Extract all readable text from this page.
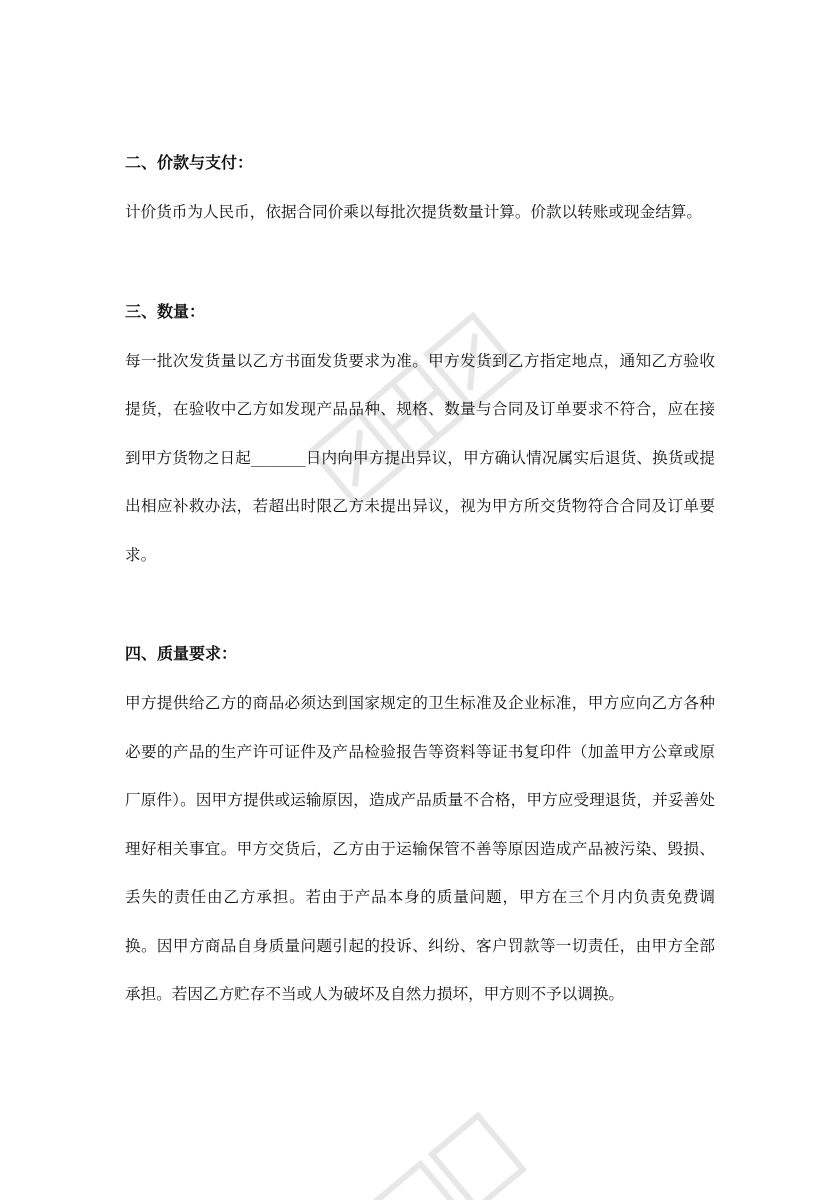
二、价款与支付：

计价货币为人民币，依据合同价乘以每批次提货数量计算。价款以转账或现金结算。

三、数量：

每一批次发货量以乙方书面发货要求为准。甲方发货到乙方指定地点，通知乙方验收提货，在验收中乙方如发现产品品种、规格、数量与合同及订单要求不符合，应在接到甲方货物之日起_______日内向甲方提出异议，甲方确认情况属实后退货、换货或提出相应补救办法，若超出时限乙方未提出异议，视为甲方所交货物符合合同及订单要求。

四、质量要求：

甲方提供给乙方的商品必须达到国家规定的卫生标准及企业标准，甲方应向乙方各种必要的产品的生产许可证件及产品检验报告等资料等证书复印件（加盖甲方公章或原厂原件）。因甲方提供或运输原因，造成产品质量不合格，甲方应受理退货，并妥善处理好相关事宜。甲方交货后，乙方由于运输保管不善等原因造成产品被污染、毁损、丢失的责任由乙方承担。若由于产品本身的质量问题，甲方在三个月内负责免费调换。因甲方商品自身质量问题引起的投诉、纠纷、客户罚款等一切责任，由甲方全部承担。若因乙方贮存不当或人为破坏及自然力损坏，甲方则不予以调换。
